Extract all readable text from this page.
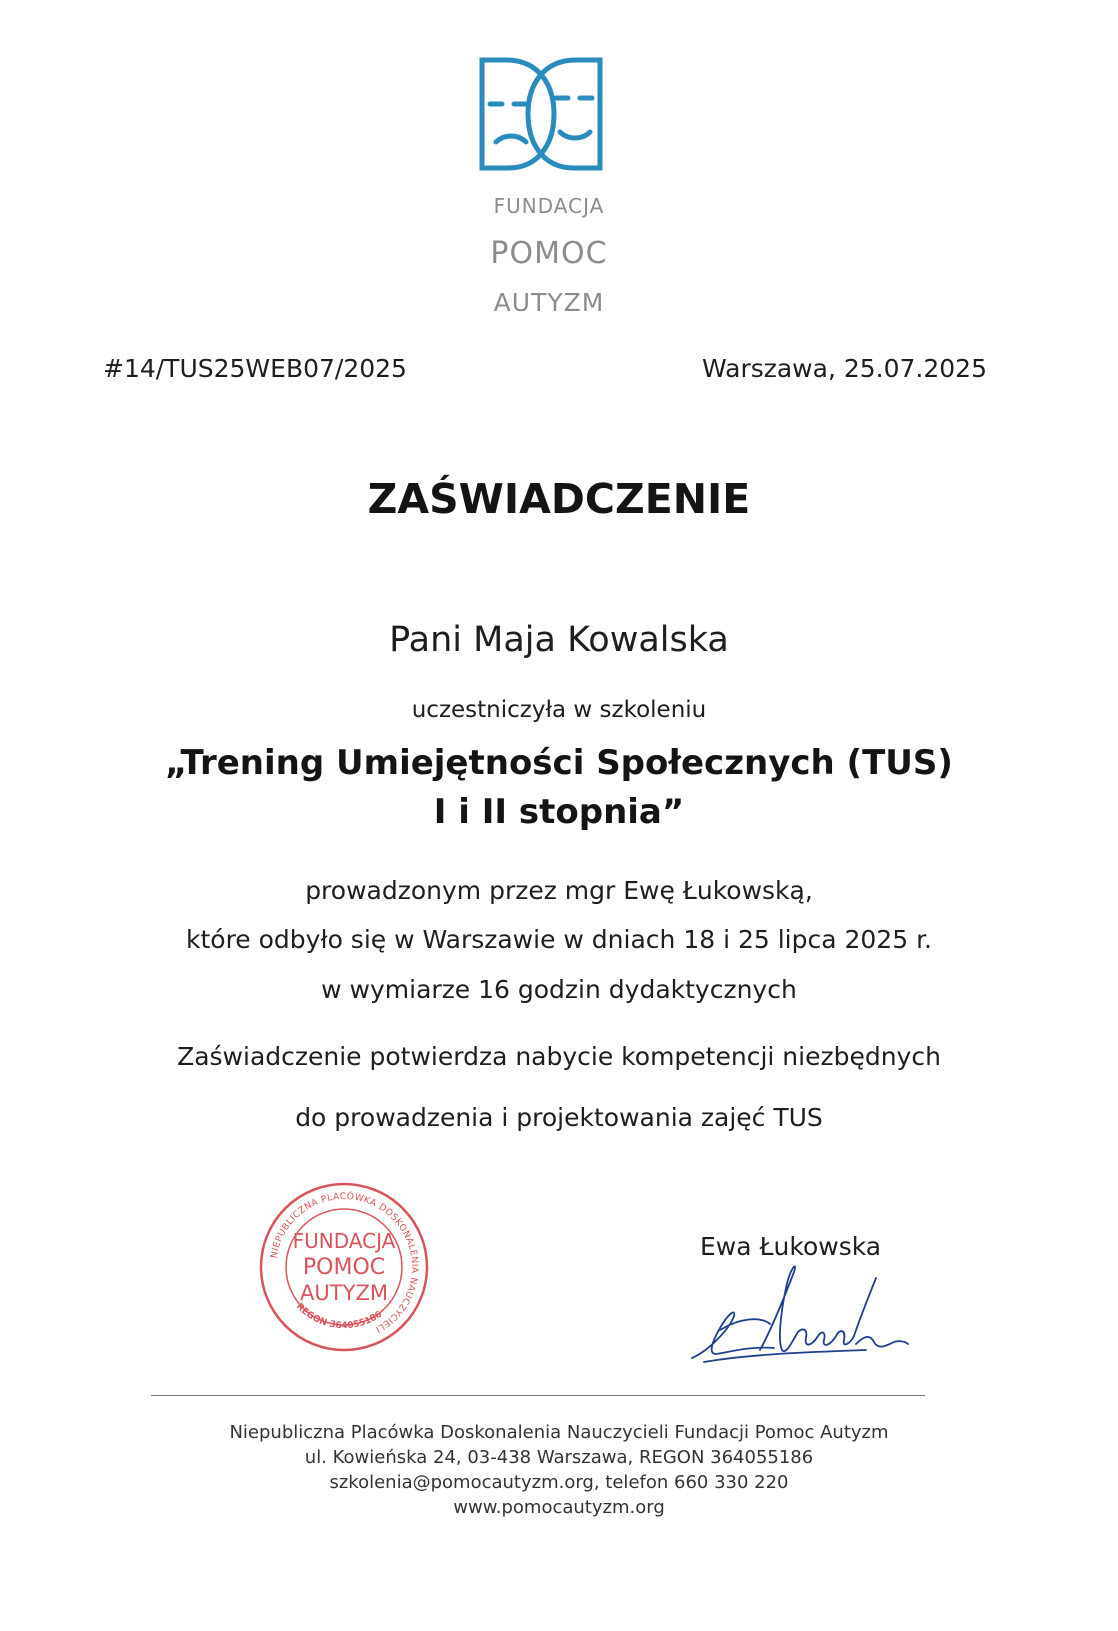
FUNDACJA
POMOC
AUTYZM
#14/TUS25WEB07/2025	Warszawa, 25.07.2025
ZAŚWIADCZENIE
Pani Maja Kowalska
uczestniczyła w szkoleniu
„Trening Umiejętności Społecznych (TUS)
I i II stopnia”
prowadzonym przez mgr Ewę Łukowską,
które odbyło się w Warszawie w dniach 18 i 25 lipca 2025 r.
w wymiarze 16 godzin dydaktycznych
Zaświadczenie potwierdza nabycie kompetencji niezbędnych
do prowadzenia i projektowania zajęć TUS
NIEPUBLICZNA PLACÓWKA DOSKONALENIA NAUCZYCIELI
REGON 364055186
FUNDACJA
POMOC
AUTYZM
Ewa Łukowska
Niepubliczna Placówka Doskonalenia Nauczycieli Fundacji Pomoc Autyzm
ul. Kowieńska 24, 03-438 Warszawa, REGON 364055186
szkolenia@pomocautyzm.org, telefon 660 330 220
www.pomocautyzm.org
